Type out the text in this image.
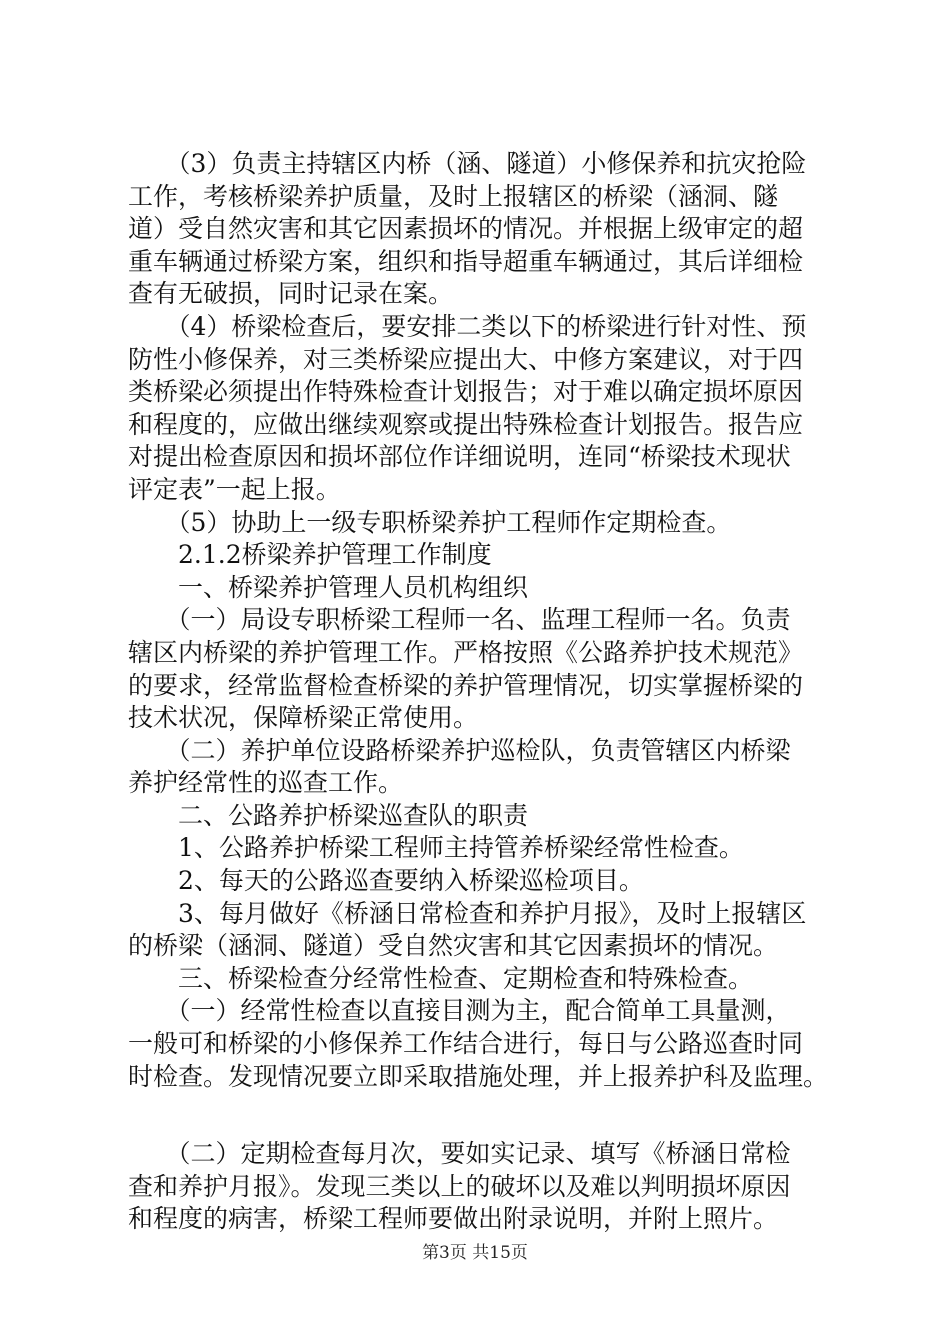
　　（3）负责主持辖区内桥（涵、隧道）小修保养和抗灾抢险
工作，考核桥梁养护质量，及时上报辖区的桥梁（涵洞、隧
道）受自然灾害和其它因素损坏的情况。并根据上级审定的超
重车辆通过桥梁方案，组织和指导超重车辆通过，其后详细检
查有无破损，同时记录在案。
　　（4）桥梁检查后，要安排二类以下的桥梁进行针对性、预
防性小修保养，对三类桥梁应提出大、中修方案建议，对于四
类桥梁必须提出作特殊检查计划报告；对于难以确定损坏原因
和程度的，应做出继续观察或提出特殊检查计划报告。报告应
对提出检查原因和损坏部位作详细说明，连同“桥梁技术现状
评定表”一起上报。
　　（5）协助上一级专职桥梁养护工程师作定期检查。
　　2.1.2桥梁养护管理工作制度
　　一、桥梁养护管理人员机构组织
　　（一）局设专职桥梁工程师一名、监理工程师一名。负责
辖区内桥梁的养护管理工作。严格按照《公路养护技术规范》
的要求，经常监督检查桥梁的养护管理情况，切实掌握桥梁的
技术状况，保障桥梁正常使用。
　　（二）养护单位设路桥梁养护巡检队，负责管辖区内桥梁
养护经常性的巡查工作。
　　二、公路养护桥梁巡查队的职责
　　1、公路养护桥梁工程师主持管养桥梁经常性检查。
　　2、每天的公路巡查要纳入桥梁巡检项目。
　　3、每月做好《桥涵日常检查和养护月报》，及时上报辖区
的桥梁（涵洞、隧道）受自然灾害和其它因素损坏的情况。
　　三、桥梁检查分经常性检查、定期检查和特殊检查。
　　（一）经常性检查以直接目测为主，配合简单工具量测，
一般可和桥梁的小修保养工作结合进行，每日与公路巡查时同
时检查。发现情况要立即采取措施处理，并上报养护科及监理。
　　（二）定期检查每月次，要如实记录、填写《桥涵日常检
查和养护月报》。发现三类以上的破坏以及难以判明损坏原因
和程度的病害，桥梁工程师要做出附录说明，并附上照片。
第3页 共15页
